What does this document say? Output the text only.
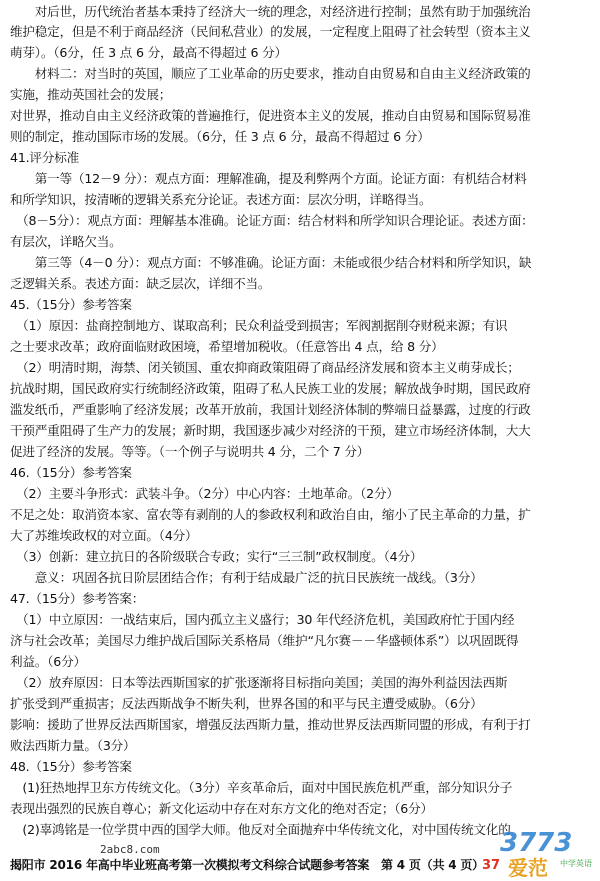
　　对后世，历代统治者基本秉持了经济大一统的理念，对经济进行控制；虽然有助于加强统治
维护稳定，但是不利于商品经济（民间私营业）的发展，一定程度上阻碍了社会转型（资本主义
萌芽）。（6分，任 3 点 6 分，最高不得超过 6 分）
　　材料二：对当时的英国，顺应了工业革命的历史要求，推动自由贸易和自由主义经济政策的
实施，推动英国社会的发展；
对世界，推动自由主义经济政策的普遍推行，促进资本主义的发展，推动自由贸易和国际贸易准
则的制定，推动国际市场的发展。（6分，任 3 点 6 分，最高不得超过 6 分）
41.评分标准
　　第一等（12－9 分）：观点方面：理解准确，提及利弊两个方面。论证方面：有机结合材料
和所学知识，按清晰的逻辑关系充分论证。表述方面：层次分明，详略得当。
　（8－5分）：观点方面：理解基本准确。论证方面：结合材料和所学知识合理论证。表述方面：
有层次，详略欠当。
　　第三等（4－0 分）：观点方面：不够准确。论证方面：未能或很少结合材料和所学知识，缺
乏逻辑关系。表述方面：缺乏层次，详细不当。
45.（15分）参考答案
　（1）原因：盐商控制地方、谋取高利；民众利益受到损害；军阀割据削夺财税来源；有识
之士要求改革；政府面临财政困境，希望增加税收。（任意答出 4 点，给 8 分）
　（2）明清时期，海禁、闭关锁国、重农抑商政策阻碍了商品经济发展和资本主义萌芽成长；
抗战时期，国民政府实行统制经济政策，阻碍了私人民族工业的发展；解放战争时期，国民政府
滥发纸币，严重影响了经济发展；改革开放前，我国计划经济体制的弊端日益暴露，过度的行政
干预严重阻碍了生产力的发展；新时期，我国逐步减少对经济的干预，建立市场经济体制，大大
促进了经济的发展。等等。（一个例子与说明共 4 分，二个 7 分）
46.（15分）参考答案
　（2）主要斗争形式：武装斗争。（2分）中心内容：土地革命。（2分）
不足之处：取消资本家、富农等有剥削的人的参政权利和政治自由，缩小了民主革命的力量，扩
大了苏维埃政权的对立面。（4分）
　（3）创新：建立抗日的各阶级联合专政；实行“三三制”政权制度。（4分）
　　意义：巩固各抗日阶层团结合作；有利于结成最广泛的抗日民族统一战线。（3分）
47.（15分）参考答案：
　（1）中立原因：一战结束后，国内孤立主义盛行；30 年代经济危机，美国政府忙于国内经
济与社会改革；美国尽力维护战后国际关系格局（维护“凡尔赛－－华盛顿体系”）以巩固既得
利益。（6分）
　（2）放弃原因：日本等法西斯国家的扩张逐渐将目标指向美国；美国的海外利益因法西斯
扩张受到严重损害；反法西斯战争不断失利，世界各国的和平与民主遭受威胁。（6分）
影响：援助了世界反法西斯国家，增强反法西斯力量，推动世界反法西斯同盟的形成，有利于打
败法西斯力量。（3分）
48.（15分）参考答案
　(1)狂热地捍卫东方传统文化。（3分）辛亥革命后，面对中国民族危机严重，部分知识分子
表现出强烈的民族自尊心；新文化运动中存在对东方文化的绝对否定；（6分）
　(2)辜鸿铭是一位学贯中西的国学大师。他反对全面抛弃中华传统文化，对中国传统文化的
2abc8.com
揭阳市 2016 年高中毕业班高考第一次模拟考文科综合试题参考答案　第 4 页（共 4 页）
3773
37 爱范 中学英语
